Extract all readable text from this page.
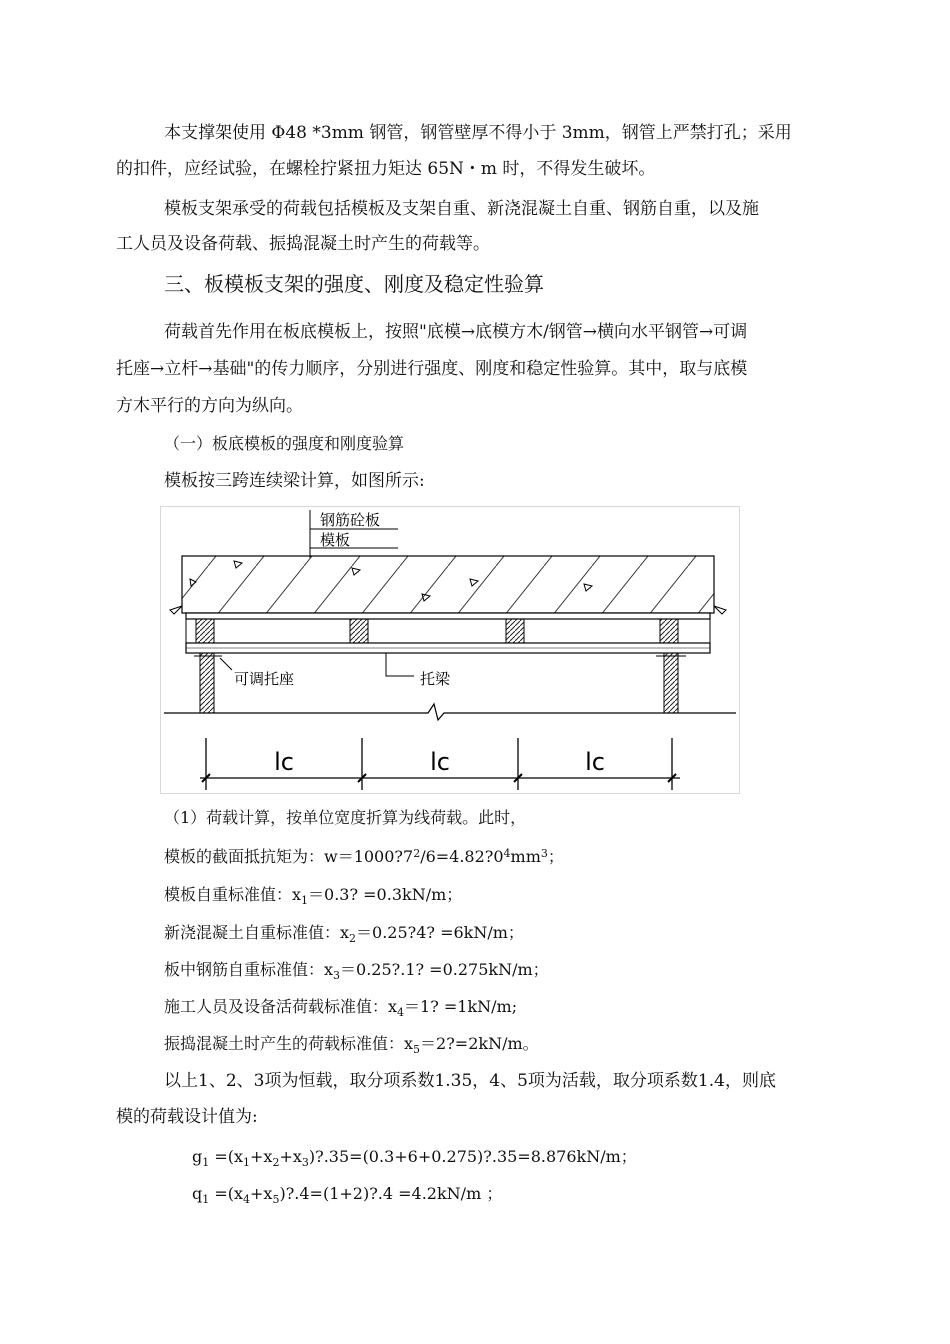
本支撑架使用 Φ48 *3mm 钢管，钢管壁厚不得小于 3mm，钢管上严禁打孔；采用
的扣件，应经试验，在螺栓拧紧扭力矩达 65N・m 时，不得发生破坏。
模板支架承受的荷载包括模板及支架自重、新浇混凝土自重、钢筋自重，以及施
工人员及设备荷载、振捣混凝土时产生的荷载等。
三、板模板支架的强度、刚度及稳定性验算
荷载首先作用在板底模板上，按照"底模→底模方木/钢管→横向水平钢管→可调
托座→立杆→基础"的传力顺序，分别进行强度、刚度和稳定性验算。其中，取与底模
方木平行的方向为纵向。
（一）板底模板的强度和刚度验算
模板按三跨连续梁计算，如图所示:
钢筋砼板
模板
可调托座	托梁
lc	lc	lc
（1）荷载计算，按单位宽度折算为线荷载。此时，
模板的截面抵抗矩为：$w=1000?7^2/6=4.82?0^4mm^3$；
模板自重标准值：$x_1=0.3$? =0.3kN/m；
新浇混凝土自重标准值：$x_2=0.25?4$? =6kN/m；
板中钢筋自重标准值：$x_3=0.25?.1$? =0.275kN/m；
施工人员及设备活荷载标准值：$x_4=1$? =1kN/m;
振捣混凝土时产生的荷载标准值：$x_5=2?=2kN/m$。
以上1、2、3项为恒载，取分项系数1.35，4、5项为活载，取分项系数1.4，则底
模的荷载设计值为:
$g_1$ $=(x_1+x_2+x_3)?.35=(0.3+6+0.275)?.35=8.876kN/m$；
$q_1$ $=(x_4+x_5)?.4=(1+2)?.4 =4.2kN/m$ ；
